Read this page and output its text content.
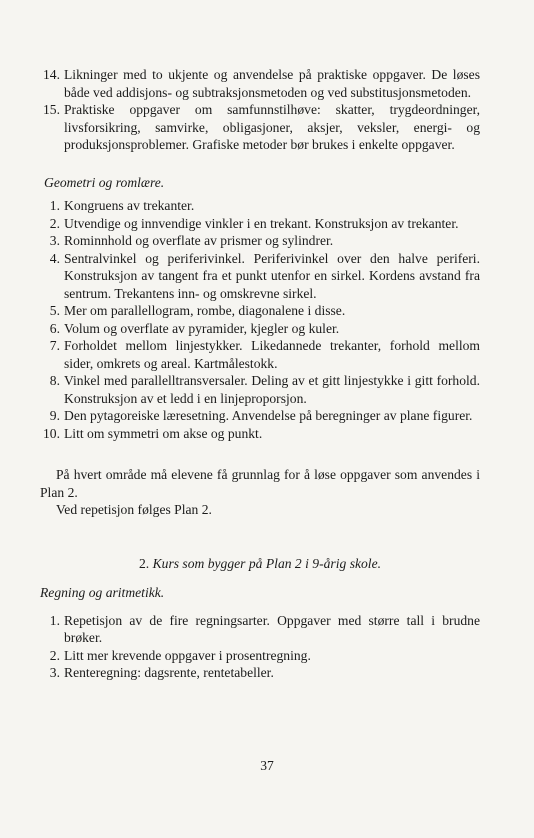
14. Likninger med to ukjente og anvendelse på praktiske oppgaver. De løses både ved addisjons- og subtraksjonsmetoden og ved substitusjonsmetoden.
15. Praktiske oppgaver om samfunnstilhøve: skatter, trygdeordninger, livsforsikring, samvirke, obligasjoner, aksjer, veksler, energi- og produksjonsproblemer. Grafiske metoder bør brukes i enkelte oppgaver.
Geometri og romlære.
1. Kongruens av trekanter.
2. Utvendige og innvendige vinkler i en trekant. Konstruksjon av trekanter.
3. Rominnhold og overflate av prismer og sylindrer.
4. Sentralvinkel og periferivinkel. Periferivinkel over den halve periferi. Konstruksjon av tangent fra et punkt utenfor en sirkel. Kordens avstand fra sentrum. Trekantens inn- og omskrevne sirkel.
5. Mer om parallellogram, rombe, diagonalene i disse.
6. Volum og overflate av pyramider, kjegler og kuler.
7. Forholdet mellom linjestykker. Likedannede trekanter, forhold mellom sider, omkrets og areal. Kartmålestokk.
8. Vinkel med parallelltransversaler. Deling av et gitt linjestykke i gitt forhold. Konstruksjon av et ledd i en linjeproporsjon.
9. Den pytagoreiske læresetning. Anvendelse på beregninger av plane figurer.
10. Litt om symmetri om akse og punkt.
På hvert område må elevene få grunnlag for å løse oppgaver som anvendes i Plan 2.
Ved repetisjon følges Plan 2.
2. Kurs som bygger på Plan 2 i 9-årig skole.
Regning og aritmetikk.
1. Repetisjon av de fire regningsarter. Oppgaver med større tall i brudne brøker.
2. Litt mer krevende oppgaver i prosentregning.
3. Renteregning: dagsrente, rentetabeller.
37
